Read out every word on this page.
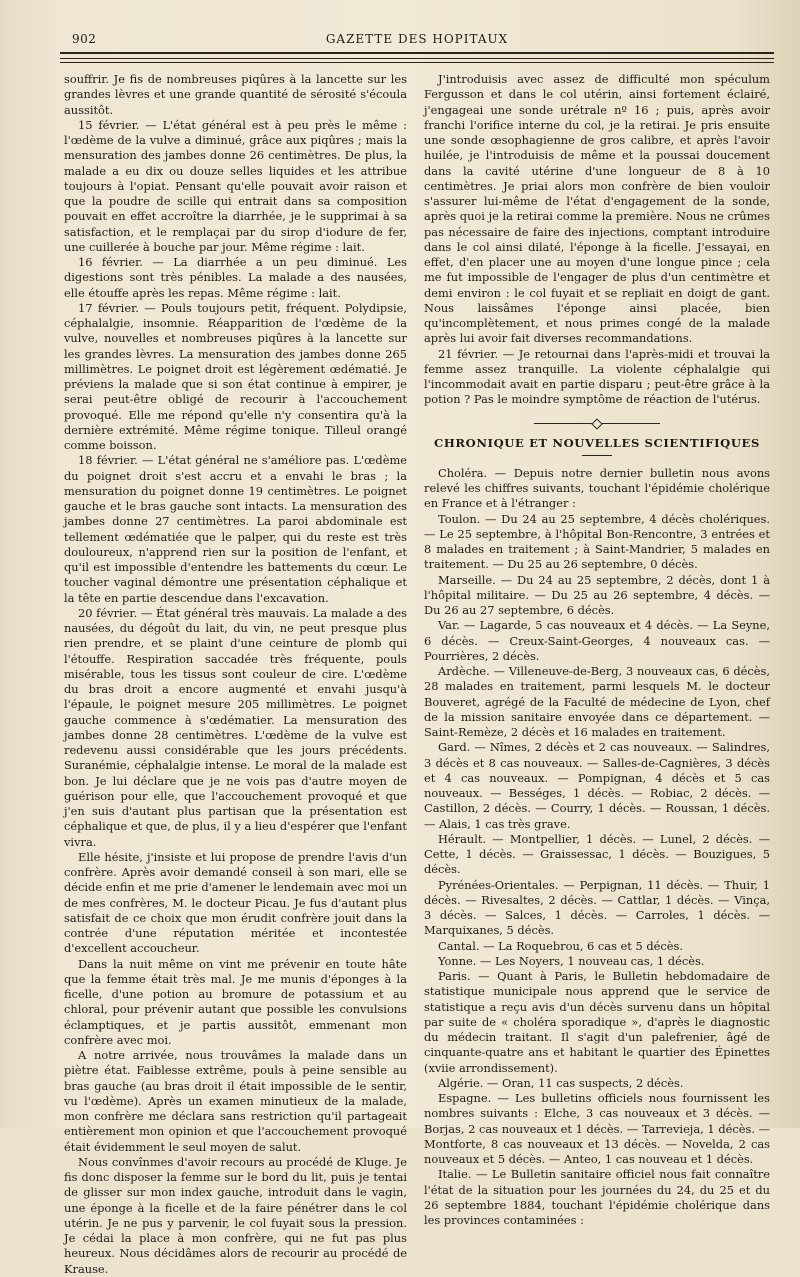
902	GAZETTE DES HOPITAUX

souffrir. Je fis de nombreuses piqûres à la lancette sur les grandes lèvres et une grande quantité de sérosité s'écoula aussitôt.

15 février. — L'état général est à peu près le même : l'œdème de la vulve a diminué, grâce aux piqûres ; mais la mensuration des jambes donne 26 centimètres. De plus, la malade a eu dix ou douze selles liquides et les attribue toujours à l'opiat. Pensant qu'elle pouvait avoir raison et que la poudre de scille qui entrait dans sa composition pouvait en effet accroître la diarrhée, je le supprimai à sa satisfaction, et le remplaçai par du sirop d'iodure de fer, une cuillerée à bouche par jour. Même régime : lait.

16 février. — La diarrhée a un peu diminué. Les digestions sont très pénibles. La malade a des nausées, elle étouffe après les repas. Même régime : lait.

17 février. — Pouls toujours petit, fréquent. Polydipsie, céphalalgie, insomnie. Réapparition de l'œdème de la vulve, nouvelles et nombreuses piqûres à la lancette sur les grandes lèvres. La mensuration des jambes donne 265 millimètres. Le poignet droit est légèrement œdématié. Je préviens la malade que si son état continue à empirer, je serai peut-être obligé de recourir à l'accouchement provoqué. Elle me répond qu'elle n'y consentira qu'à la dernière extrémité. Même régime tonique. Tilleul orangé comme boisson.

18 février. — L'état général ne s'améliore pas. L'œdème du poignet droit s'est accru et a envahi le bras ; la mensuration du poignet donne 19 centimètres. Le poignet gauche et le bras gauche sont intacts. La mensuration des jambes donne 27 centimètres. La paroi abdominale est tellement œdématiée que le palper, qui du reste est très douloureux, n'apprend rien sur la position de l'enfant, et qu'il est impossible d'entendre les battements du cœur. Le toucher vaginal démontre une présentation céphalique et la tête en partie descendue dans l'excavation.

20 février. — État général très mauvais. La malade a des nausées, du dégoût du lait, du vin, ne peut presque plus rien prendre, et se plaint d'une ceinture de plomb qui l'étouffe. Respiration saccadée très fréquente, pouls misérable, tous les tissus sont couleur de cire. L'œdème du bras droit a encore augmenté et envahi jusqu'à l'épaule, le poignet mesure 205 millimètres. Le poignet gauche commence à s'œdématier. La mensuration des jambes donne 28 centimètres. L'œdème de la vulve est redevenu aussi considérable que les jours précédents. Suranémie, céphalalgie intense. Le moral de la malade est bon. Je lui déclare que je ne vois pas d'autre moyen de guérison pour elle, que l'accouchement provoqué et que j'en suis d'autant plus partisan que la présentation est céphalique et que, de plus, il y a lieu d'espérer que l'enfant vivra.

Elle hésite, j'insiste et lui propose de prendre l'avis d'un confrère. Après avoir demandé conseil à son mari, elle se décide enfin et me prie d'amener le lendemain avec moi un de mes confrères, M. le docteur Picau. Je fus d'autant plus satisfait de ce choix que mon érudit confrère jouit dans la contrée d'une réputation méritée et incontestée d'excellent accoucheur.

Dans la nuit même on vint me prévenir en toute hâte que la femme était très mal. Je me munis d'éponges à la ficelle, d'une potion au bromure de potassium et au chloral, pour prévenir autant que possible les convulsions éclamptiques, et je partis aussitôt, emmenant mon confrère avec moi.

A notre arrivée, nous trouvâmes la malade dans un piètre état. Faiblesse extrême, pouls à peine sensible au bras gauche (au bras droit il était impossible de le sentir, vu l'œdème). Après un examen minutieux de la malade, mon confrère me déclara sans restriction qu'il partageait entièrement mon opinion et que l'accouchement provoqué était évidemment le seul moyen de salut.

Nous convînmes d'avoir recours au procédé de Kluge. Je fis donc disposer la femme sur le bord du lit, puis je tentai de glisser sur mon index gauche, introduit dans le vagin, une éponge à la ficelle et de la faire pénétrer dans le col utérin. Je ne pus y parvenir, le col fuyait sous la pression. Je cédai la place à mon confrère, qui ne fut pas plus heureux. Nous décidâmes alors de recourir au procédé de Krause.

J'introduisis avec assez de difficulté mon spéculum Fergusson et dans le col utérin, ainsi fortement éclairé, j'engageai une sonde urétrale nº 16 ; puis, après avoir franchi l'orifice interne du col, je la retirai. Je pris ensuite une sonde œsophagienne de gros calibre, et après l'avoir huilée, je l'introduisis de même et la poussai doucement dans la cavité utérine d'une longueur de 8 à 10 centimètres. Je priai alors mon confrère de bien vouloir s'assurer lui-même de l'état d'engagement de la sonde, après quoi je la retirai comme la première. Nous ne crûmes pas nécessaire de faire des injections, comptant introduire dans le col ainsi dilaté, l'éponge à la ficelle. J'essayai, en effet, d'en placer une au moyen d'une longue pince ; cela me fut impossible de l'engager de plus d'un centimètre et demi environ : le col fuyait et se repliait en doigt de gant. Nous laissâmes l'éponge ainsi placée, bien qu'incomplètement, et nous primes congé de la malade après lui avoir fait diverses recommandations.

21 février. — Je retournai dans l'après-midi et trouvai la femme assez tranquille. La violente céphalalgie qui l'incommodait avait en partie disparu ; peut-être grâce à la potion ? Pas le moindre symptôme de réaction de l'utérus.

CHRONIQUE ET NOUVELLES SCIENTIFIQUES

Choléra. — Depuis notre dernier bulletin nous avons relevé les chiffres suivants, touchant l'épidémie cholérique en France et à l'étranger :

Toulon. — Du 24 au 25 septembre, 4 décès cholériques. — Le 25 septembre, à l'hôpital Bon-Rencontre, 3 entrées et 8 malades en traitement ; à Saint-Mandrier, 5 malades en traitement. — Du 25 au 26 septembre, 0 décès.

Marseille. — Du 24 au 25 septembre, 2 décès, dont 1 à l'hôpital militaire. — Du 25 au 26 septembre, 4 décès. — Du 26 au 27 septembre, 6 décès.

Var. — Lagarde, 5 cas nouveaux et 4 décès. — La Seyne, 6 décès. — Creux-Saint-Georges, 4 nouveaux cas. — Pourrières, 2 décès.

Ardèche. — Villeneuve-de-Berg, 3 nouveaux cas, 6 décès, 28 malades en traitement, parmi lesquels M. le docteur Bouveret, agrégé de la Faculté de médecine de Lyon, chef de la mission sanitaire envoyée dans ce département. — Saint-Remèze, 2 décès et 16 malades en traitement.

Gard. — Nîmes, 2 décès et 2 cas nouveaux. — Salindres, 3 décès et 8 cas nouveaux. — Salles-de-Cagnières, 3 décès et 4 cas nouveaux. — Pompignan, 4 décès et 5 cas nouveaux. — Bességes, 1 décès. — Robiac, 2 décès. — Castillon, 2 décès. — Courry, 1 décès. — Roussan, 1 décès. — Alais, 1 cas très grave.

Hérault. — Montpellier, 1 décès. — Lunel, 2 décès. — Cette, 1 décès. — Graissessac, 1 décès. — Bouzigues, 5 décès.

Pyrénées-Orientales. — Perpignan, 11 décès. — Thuir, 1 décès. — Rivesaltes, 2 décès. — Cattlar, 1 décès. — Vinça, 3 décès. — Salces, 1 décès. — Carroles, 1 décès. — Marquixanes, 5 décès.

Cantal. — La Roquebrou, 6 cas et 5 décès.

Yonne. — Les Noyers, 1 nouveau cas, 1 décès.

Paris. — Quant à Paris, le Bulletin hebdomadaire de statistique municipale nous apprend que le service de statistique a reçu avis d'un décès survenu dans un hôpital par suite de « choléra sporadique », d'après le diagnostic du médecin traitant. Il s'agit d'un palefrenier, âgé de cinquante-quatre ans et habitant le quartier des Épinettes (xviie arrondissement).

Algérie. — Oran, 11 cas suspects, 2 décès.

Espagne. — Les bulletins officiels nous fournissent les nombres suivants : Elche, 3 cas nouveaux et 3 décès. — Borjas, 2 cas nouveaux et 1 décès. — Tarrevieja, 1 décès. — Montforte, 8 cas nouveaux et 13 décès. — Novelda, 2 cas nouveaux et 5 décès. — Anteo, 1 cas nouveau et 1 décès.

Italie. — Le Bulletin sanitaire officiel nous fait connaître l'état de la situation pour les journées du 24, du 25 et du 26 septembre 1884, touchant l'épidémie cholérique dans les provinces contaminées :
